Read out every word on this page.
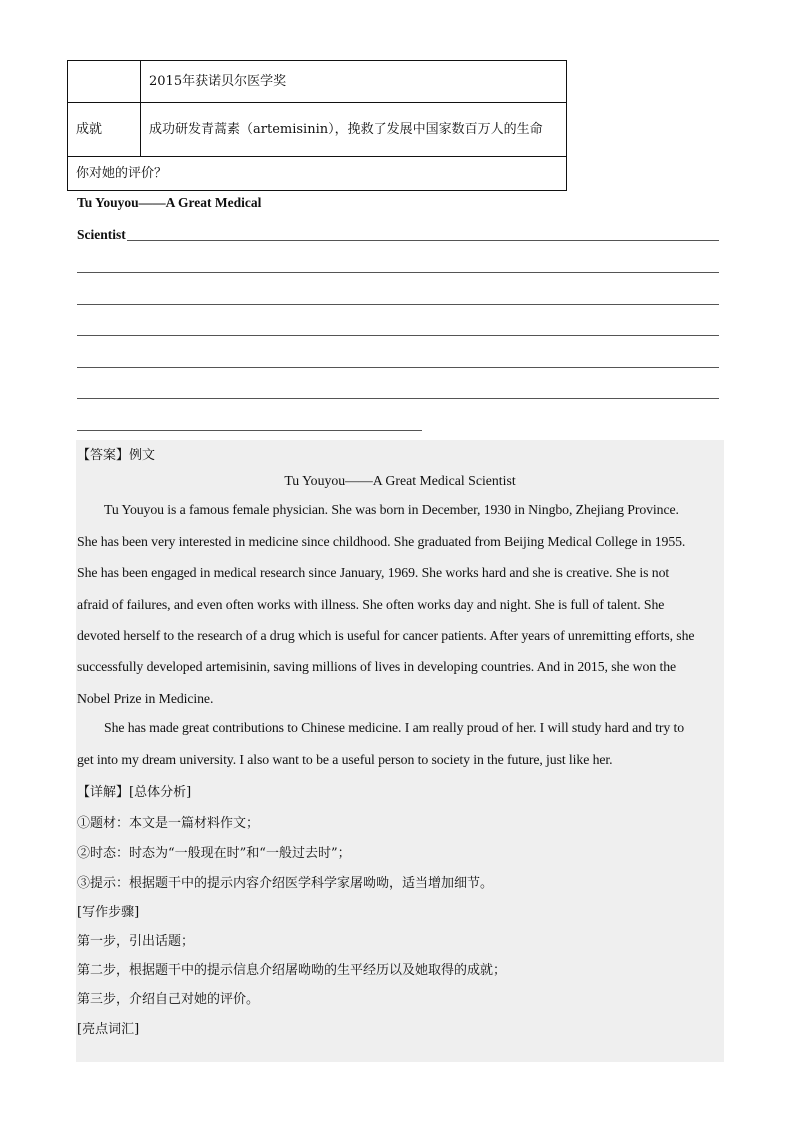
	2015年获诺贝尔医学奖
成就	成功研发青蒿素（artemisinin），挽救了发展中国家数百万人的生命
你对她的评价？	
Tu Youyou——A Great Medical
Scientist
【答案】例文
Tu Youyou——A Great Medical Scientist
Tu Youyou is a famous female physician. She was born in December, 1930 in Ningbo, Zhejiang Province.
She has been very interested in medicine since childhood. She graduated from Beijing Medical College in 1955.
She has been engaged in medical research since January, 1969. She works hard and she is creative. She is not
afraid of failures, and even often works with illness. She often works day and night. She is full of talent. She
devoted herself to the research of a drug which is useful for cancer patients. After years of unremitting efforts, she
successfully developed artemisinin, saving millions of lives in developing countries. And in 2015, she won the
Nobel Prize in Medicine.
She has made great contributions to Chinese medicine. I am really proud of her. I will study hard and try to
get into my dream university. I also want to be a useful person to society in the future, just like her.
【详解】[总体分析]
①题材：本文是一篇材料作文；
②时态：时态为“一般现在时”和“一般过去时”；
③提示：根据题干中的提示内容介绍医学科学家屠呦呦，适当增加细节。
[写作步骤]
第一步，引出话题；
第二步，根据题干中的提示信息介绍屠呦呦的生平经历以及她取得的成就；
第三步，介绍自己对她的评价。
[亮点词汇]
